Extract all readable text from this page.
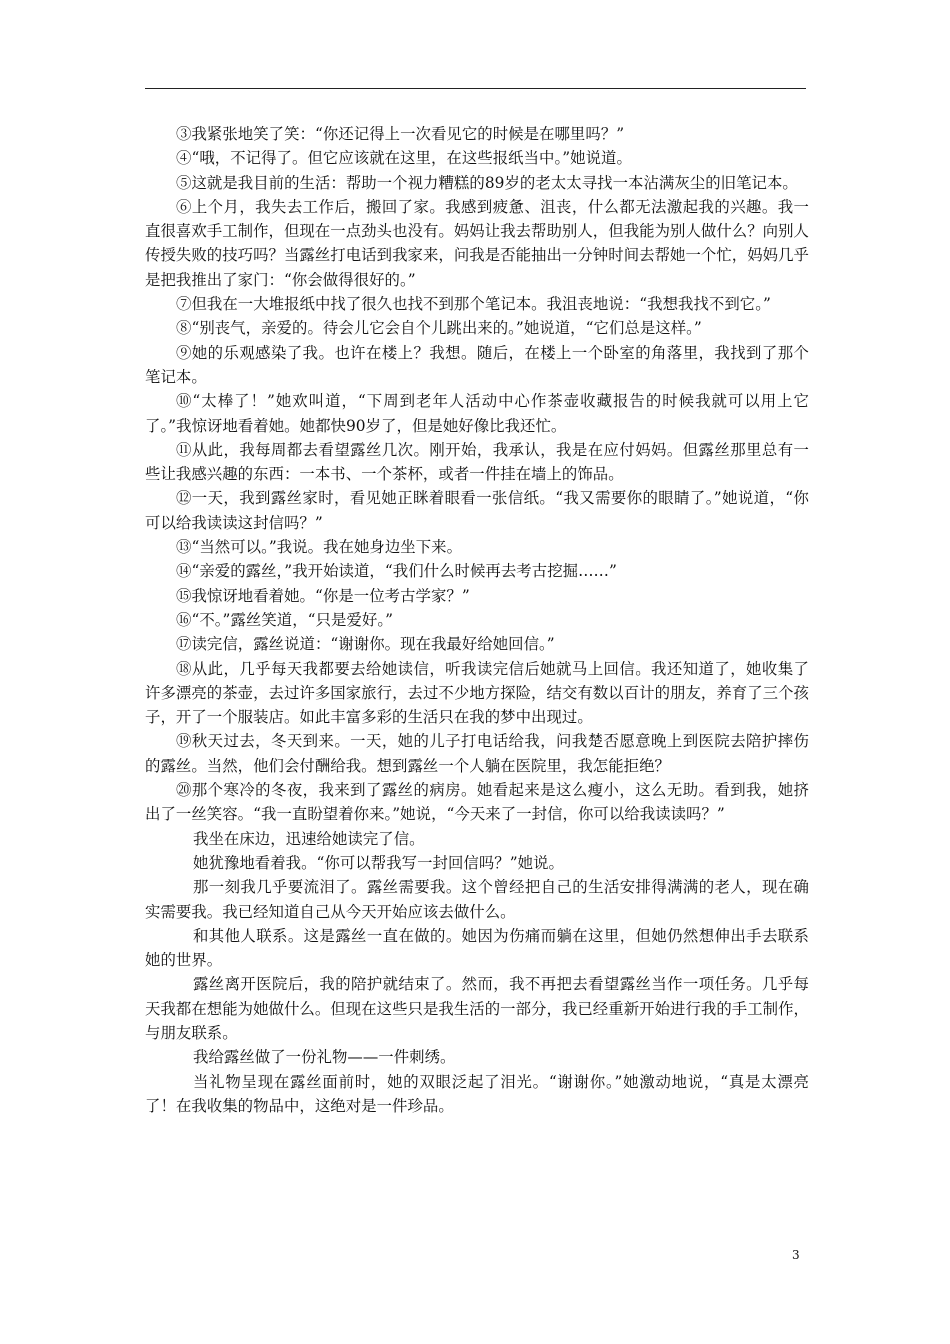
③我紧张地笑了笑：“你还记得上一次看见它的时候是在哪里吗？”

④“哦，不记得了。但它应该就在这里，在这些报纸当中。”她说道。

⑤这就是我目前的生活：帮助一个视力糟糕的89岁的老太太寻找一本沾满灰尘的旧笔记本。

⑥上个月，我失去工作后，搬回了家。我感到疲惫、沮丧，什么都无法激起我的兴趣。我一直很喜欢手工制作，但现在一点劲头也没有。妈妈让我去帮助别人，但我能为别人做什么？向别人传授失败的技巧吗？当露丝打电话到我家来，问我是否能抽出一分钟时间去帮她一个忙，妈妈几乎是把我推出了家门：“你会做得很好的。”

⑦但我在一大堆报纸中找了很久也找不到那个笔记本。我沮丧地说：“我想我找不到它。”

⑧“别丧气，亲爱的。待会儿它会自个儿跳出来的。”她说道，“它们总是这样。”

⑨她的乐观感染了我。也许在楼上？我想。随后，在楼上一个卧室的角落里，我找到了那个笔记本。

⑩“太棒了！”她欢叫道，“下周到老年人活动中心作茶壶收藏报告的时候我就可以用上它了。”我惊讶地看着她。她都快90岁了，但是她好像比我还忙。

⑪从此，我每周都去看望露丝几次。刚开始，我承认，我是在应付妈妈。但露丝那里总有一些让我感兴趣的东西：一本书、一个茶杯，或者一件挂在墙上的饰品。

⑫一天，我到露丝家时，看见她正眯着眼看一张信纸。“我又需要你的眼睛了。”她说道，“你可以给我读读这封信吗？”

⑬“当然可以。”我说。我在她身边坐下来。

⑭“亲爱的露丝，”我开始读道，“我们什么时候再去考古挖掘……”

⑮我惊讶地看着她。“你是一位考古学家？”

⑯“不。”露丝笑道，“只是爱好。”

⑰读完信，露丝说道：“谢谢你。现在我最好给她回信。”

⑱从此，几乎每天我都要去给她读信，听我读完信后她就马上回信。我还知道了，她收集了许多漂亮的茶壶，去过许多国家旅行，去过不少地方探险，结交有数以百计的朋友，养育了三个孩子，开了一个服装店。如此丰富多彩的生活只在我的梦中出现过。

⑲秋天过去，冬天到来。一天，她的儿子打电话给我，问我楚否愿意晚上到医院去陪护摔伤的露丝。当然，他们会付酬给我。想到露丝一个人躺在医院里，我怎能拒绝？

⑳那个寒冷的冬夜，我来到了露丝的病房。她看起来是这么瘦小，这么无助。看到我，她挤出了一丝笑容。“我一直盼望着你来。”她说，“今天来了一封信，你可以给我读读吗？”

我坐在床边，迅速给她读完了信。

她犹豫地看着我。“你可以帮我写一封回信吗？”她说。

那一刻我几乎要流泪了。露丝需要我。这个曾经把自己的生活安排得满满的老人，现在确实需要我。我已经知道自己从今天开始应该去做什么。

和其他人联系。这是露丝一直在做的。她因为伤痛而躺在这里，但她仍然想伸出手去联系她的世界。

露丝离开医院后，我的陪护就结束了。然而，我不再把去看望露丝当作一项任务。几乎每天我都在想能为她做什么。但现在这些只是我生活的一部分，我已经重新开始进行我的手工制作，与朋友联系。

我给露丝做了一份礼物——一件刺绣。

当礼物呈现在露丝面前时，她的双眼泛起了泪光。“谢谢你。”她激动地说，“真是太漂亮了！在我收集的物品中，这绝对是一件珍品。

3
